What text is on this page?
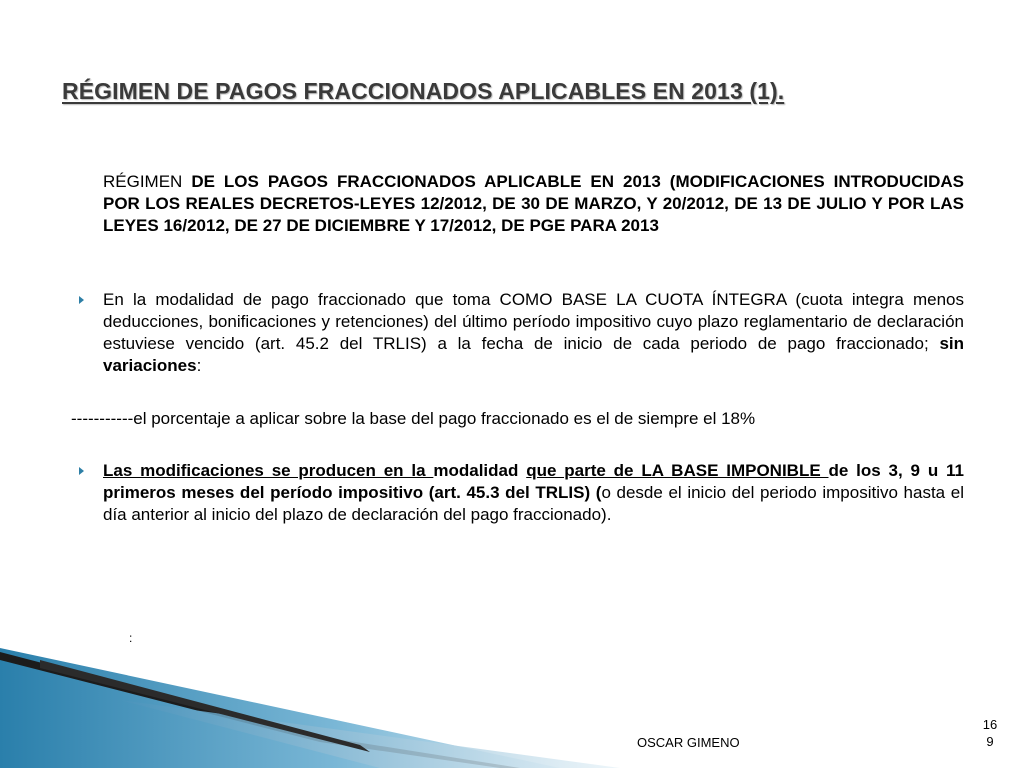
RÉGIMEN DE PAGOS FRACCIONADOS APLICABLES EN 2013 (1).
RÉGIMEN DE LOS PAGOS FRACCIONADOS APLICABLE EN 2013 (MODIFICACIONES INTRODUCIDAS POR LOS REALES DECRETOS-LEYES 12/2012, DE 30 DE MARZO, Y 20/2012, DE 13 DE JULIO Y POR LAS LEYES 16/2012, DE 27 DE DICIEMBRE Y 17/2012, DE PGE PARA 2013
En la modalidad de pago fraccionado que toma COMO BASE LA CUOTA ÍNTEGRA (cuota integra menos deducciones, bonificaciones y retenciones) del último período impositivo cuyo plazo reglamentario de declaración estuviese vencido (art. 45.2 del TRLIS) a la fecha de inicio de cada periodo de pago fraccionado; sin variaciones:
-----------el porcentaje a aplicar sobre la base del pago fraccionado es el de siempre el 18%
Las modificaciones se producen en la modalidad que parte de LA BASE IMPONIBLE de los 3, 9 u 11 primeros meses del período impositivo (art. 45.3 del TRLIS) (o desde el inicio del periodo impositivo hasta el día anterior al inicio del plazo de declaración del pago fraccionado).
:
OSCAR GIMENO
16
9
